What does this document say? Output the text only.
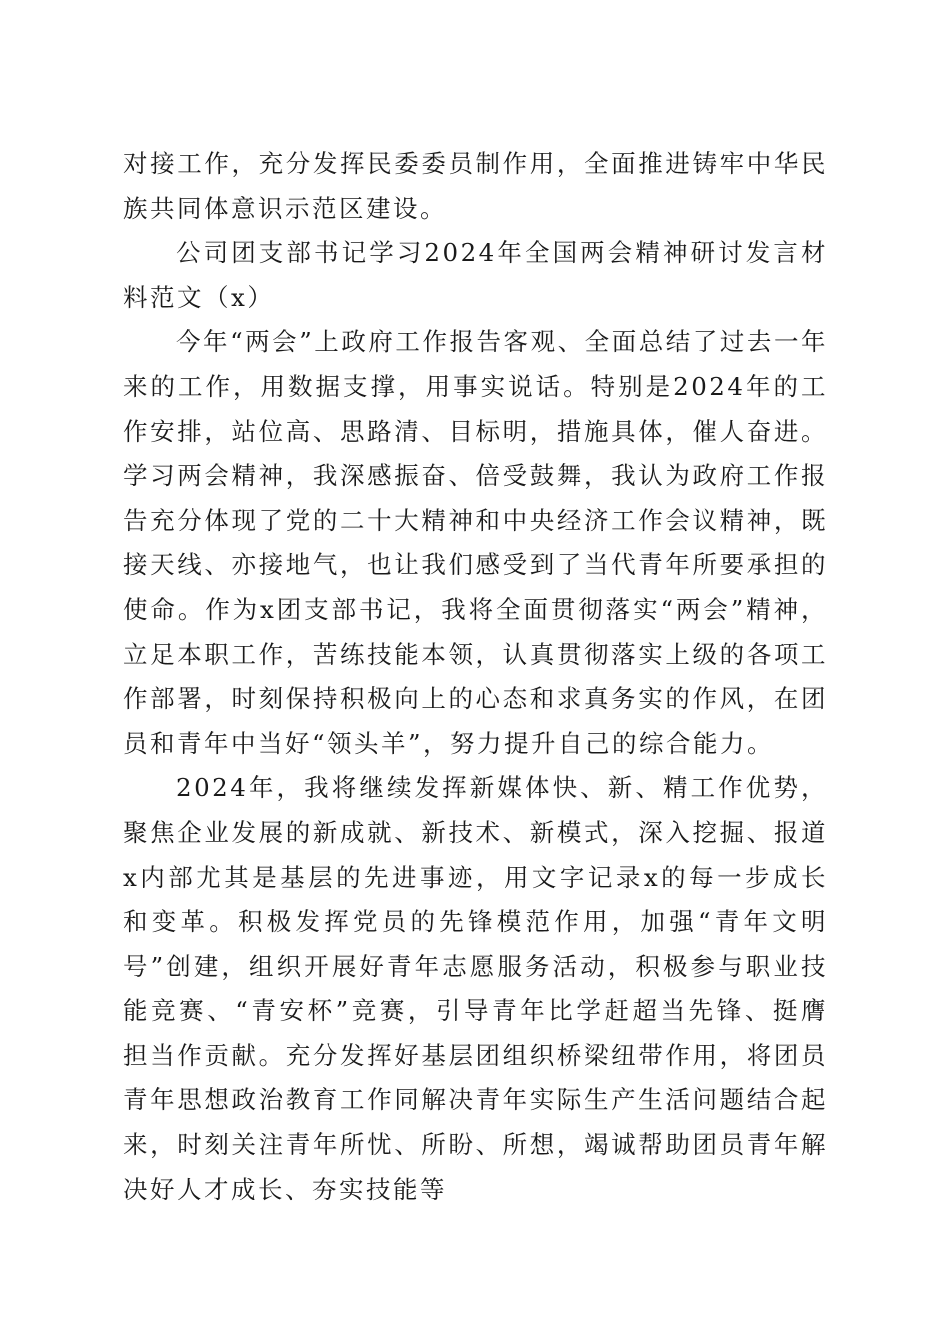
对接工作，充分发挥民委委员制作用，全面推进铸牢中华民族共同体意识示范区建设。

公司团支部书记学习2024年全国两会精神研讨发言材料范文（x）

今年“两会”上政府工作报告客观、全面总结了过去一年来的工作，用数据支撑，用事实说话。特别是2024年的工作安排，站位高、思路清、目标明，措施具体，催人奋进。学习两会精神，我深感振奋、倍受鼓舞，我认为政府工作报告充分体现了党的二十大精神和中央经济工作会议精神，既接天线、亦接地气，也让我们感受到了当代青年所要承担的使命。作为x团支部书记，我将全面贯彻落实“两会”精神，立足本职工作，苦练技能本领，认真贯彻落实上级的各项工作部署，时刻保持积极向上的心态和求真务实的作风，在团员和青年中当好“领头羊”，努力提升自己的综合能力。

2024年，我将继续发挥新媒体快、新、精工作优势，聚焦企业发展的新成就、新技术、新模式，深入挖掘、报道x内部尤其是基层的先进事迹，用文字记录x的每一步成长和变革。积极发挥党员的先锋模范作用，加强“青年文明号”创建，组织开展好青年志愿服务活动，积极参与职业技能竞赛、“青安杯”竞赛，引导青年比学赶超当先锋、挺膺担当作贡献。充分发挥好基层团组织桥梁纽带作用，将团员青年思想政治教育工作同解决青年实际生产生活问题结合起来，时刻关注青年所忧、所盼、所想，竭诚帮助团员青年解决好人才成长、夯实技能等
